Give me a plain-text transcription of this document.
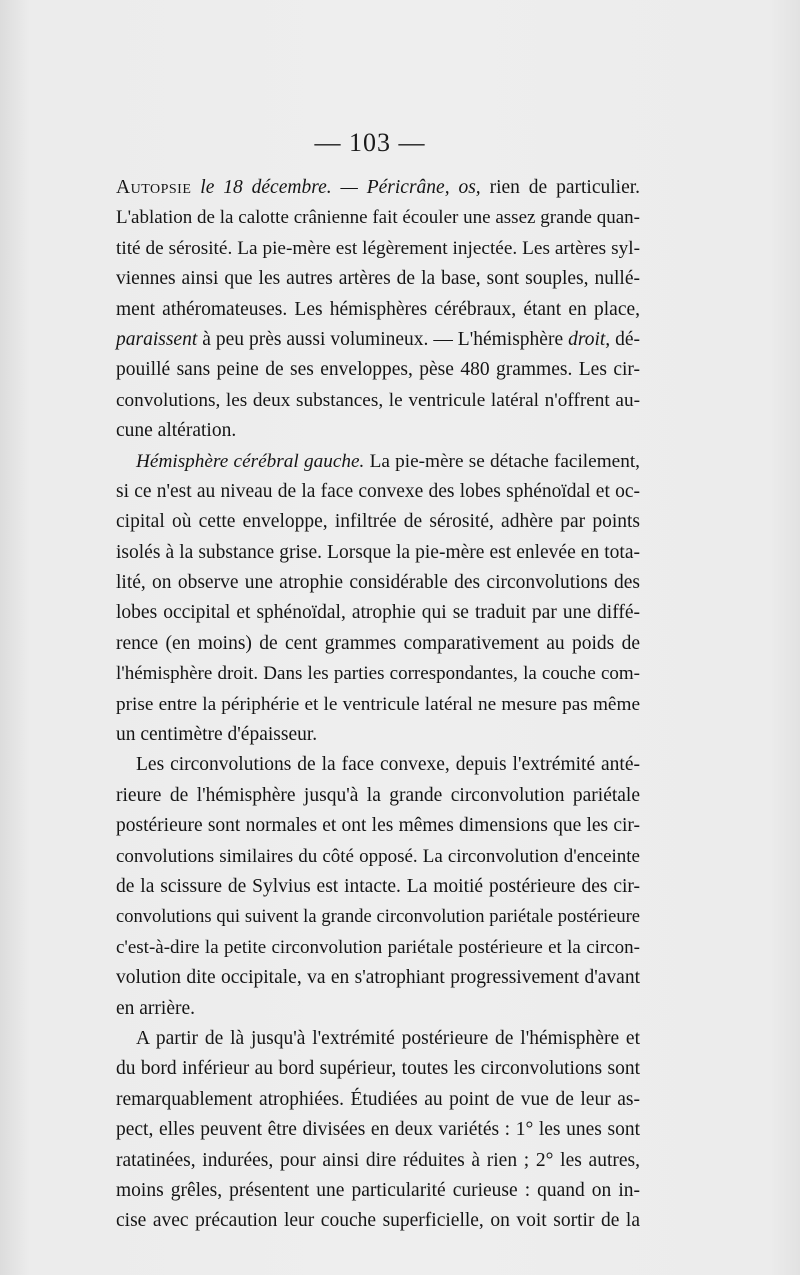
— 103 —
Autopsie le 18 décembre. — Péricrâne, os, rien de particulier.
L'ablation de la calotte crânienne fait écouler une assez grande quan-
tité de sérosité. La pie-mère est légèrement injectée. Les artères syl-
viennes ainsi que les autres artères de la base, sont souples, nullé-
ment athéromateuses. Les hémisphères cérébraux, étant en place,
paraissent à peu près aussi volumineux. — L'hémisphère droit, dé-
pouillé sans peine de ses enveloppes, pèse 480 grammes. Les cir-
convolutions, les deux substances, le ventricule latéral n'offrent au-
cune altération.
Hémisphère cérébral gauche. La pie-mère se détache facilement,
si ce n'est au niveau de la face convexe des lobes sphénoïdal et oc-
cipital où cette enveloppe, infiltrée de sérosité, adhère par points
isolés à la substance grise. Lorsque la pie-mère est enlevée en tota-
lité, on observe une atrophie considérable des circonvolutions des
lobes occipital et sphénoïdal, atrophie qui se traduit par une diffé-
rence (en moins) de cent grammes comparativement au poids de
l'hémisphère droit. Dans les parties correspondantes, la couche com-
prise entre la périphérie et le ventricule latéral ne mesure pas même
un centimètre d'épaisseur.
Les circonvolutions de la face convexe, depuis l'extrémité anté-
rieure de l'hémisphère jusqu'à la grande circonvolution pariétale
postérieure sont normales et ont les mêmes dimensions que les cir-
convolutions similaires du côté opposé. La circonvolution d'enceinte
de la scissure de Sylvius est intacte. La moitié postérieure des cir-
convolutions qui suivent la grande circonvolution pariétale postérieure
c'est-à-dire la petite circonvolution pariétale postérieure et la circon-
volution dite occipitale, va en s'atrophiant progressivement d'avant
en arrière.
A partir de là jusqu'à l'extrémité postérieure de l'hémisphère et
du bord inférieur au bord supérieur, toutes les circonvolutions sont
remarquablement atrophiées. Étudiées au point de vue de leur as-
pect, elles peuvent être divisées en deux variétés : 1° les unes sont
ratatinées, indurées, pour ainsi dire réduites à rien ; 2° les autres,
moins grêles, présentent une particularité curieuse : quand on in-
cise avec précaution leur couche superficielle, on voit sortir de la
